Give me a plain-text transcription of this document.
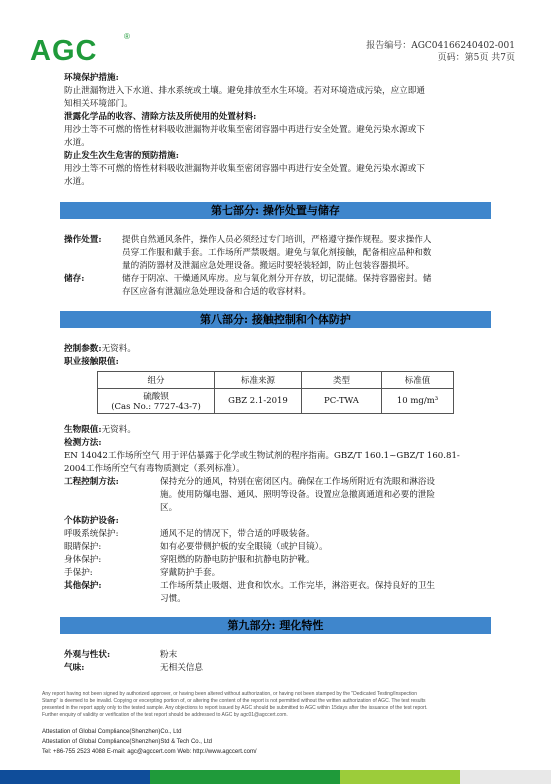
AGC	®
报告编号：AGC04166240402-001
页码：第5页 共7页
环境保护措施:
防止泄漏物进入下水道、排水系统或土壤。避免排放至水生环境。若对环境造成污染，应立即通
知相关环境部门。
泄露化学品的收容、清除方法及所使用的处置材料:
用沙土等不可燃的惰性材料吸收泄漏物并收集至密闭容器中再进行安全处置。避免污染水源或下
水道。
防止发生次生危害的预防措施:
用沙土等不可燃的惰性材料吸收泄漏物并收集至密闭容器中再进行安全处置。避免污染水源或下
水道。
第七部分: 操作处置与储存
操作处置:	提供自然通风条件，操作人员必须经过专门培训，严格遵守操作规程。要求操作人
员穿工作服和戴手套。工作场所严禁吸烟。避免与氧化剂接触，配备相应品种和数
量的消防器材及泄漏应急处理设备。搬运时要轻装轻卸，防止包装容器损坏。
储存:	储存于阴凉、干燥通风库房。应与氧化剂分开存放，切记混储。保持容器密封。储
存区应备有泄漏应急处理设备和合适的收容材料。
第八部分: 接触控制和个体防护
控制参数:无资料。
职业接触限值:
组分	标准来源	类型	标准值

硫酸钡
(Cas No.: 7727-43-7)	GBZ 2.1-2019	PC-TWA	10 mg/m³
生物限值:无资料。
检测方法:
EN 14042工作场所空气 用于评估暴露于化学或生物试剂的程序指南。GBZ/T 160.1~GBZ/T 160.81-
2004工作场所空气有毒物质测定（系列标准）。
工程控制方法:	保持充分的通风，特别在密闭区内。确保在工作场所附近有洗眼和淋浴设
施。使用防爆电器、通风、照明等设备。设置应急撤离通道和必要的泄险
区。
个体防护设备:
呼吸系统保护:	通风不足的情况下，带合适的呼吸装备。
眼睛保护:	如有必要带侧护板的安全眼镜（或护目镜）。
身体保护:	穿阻燃的防静电防护服和抗静电防护靴。
手保护:	穿戴防护手套。
其他保护:	工作场所禁止吸烟、进食和饮水。工作完毕，淋浴更衣。保持良好的卫生
习惯。
第九部分: 理化特性
外观与性状:	粉末
气味:	无相关信息
Any report having not been signed by authorized approver, or having been altered without authorization, or having not been stamped by the "Dedicated Testing/Inspection
Stamp" is deemed to be invalid. Copying or excerpting portion of, or altering the content of the report is not permitted without the written authorization of AGC. The test results
presented in the report apply only to the tested sample. Any objections to report issued by AGC should be submitted to AGC within 15days after the issuance of the test report.
Further enquiry of validity or verification of the test report should be addressed to AGC by agc01@agccert.com.
Attestation of Global Compliance(Shenzhen)Co., Ltd
Attestation of Global Compliance(Shenzhen)Std & Tech Co., Ltd
Tel: +86-755 2523 4088 E-mail: agc@agccert.com Web: http://www.agccert.com/
